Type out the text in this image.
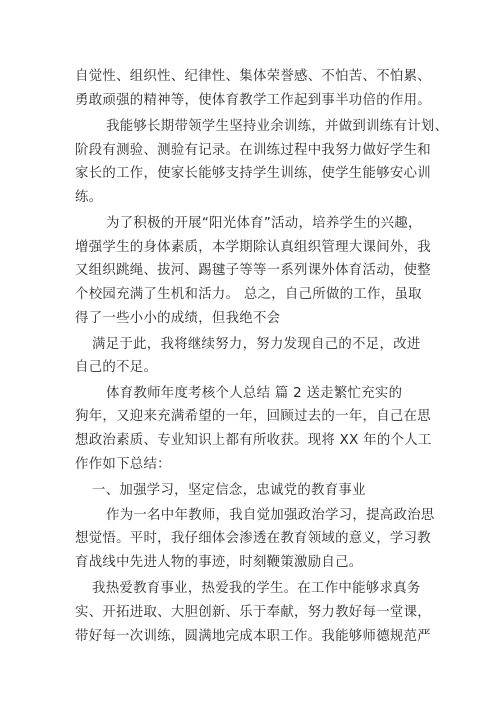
自觉性、组织性、纪律性、集体荣誉感、不怕苦、不怕累、
勇敢顽强的精神等，使体育教学工作起到事半功倍的作用。
我能够长期带领学生坚持业余训练，并做到训练有计划、
阶段有测验、测验有记录。在训练过程中我努力做好学生和
家长的工作，使家长能够支持学生训练，使学生能够安心训
练。
为了积极的开展“阳光体育”活动，培养学生的兴趣，
增强学生的身体素质，本学期除认真组织管理大课间外，我
又组织跳绳、拔河、踢毽子等等一系列课外体育活动，使整
个校园充满了生机和活力。 总之，自己所做的工作，虽取
得了一些小小的成绩，但我绝不会
满足于此，我将继续努力，努力发现自己的不足，改进
自己的不足。
体育教师年度考核个人总结 篇 2 送走繁忙充实的
狗年，又迎来充满希望的一年，回顾过去的一年，自己在思
想政治素质、专业知识上都有所收获。现将 XX 年的个人工
作作如下总结：
一、加强学习，坚定信念，忠诚党的教育事业
作为一名中年教师，我自觉加强政治学习，提高政治思
想觉悟。平时，我仔细体会渗透在教育领域的意义，学习教
育战线中先进人物的事迹，时刻鞭策激励自己。
我热爱教育事业，热爱我的学生。在工作中能够求真务
实、开拓进取、大胆创新、乐于奉献，努力教好每一堂课，
带好每一次训练，圆满地完成本职工作。我能够师德规范严
